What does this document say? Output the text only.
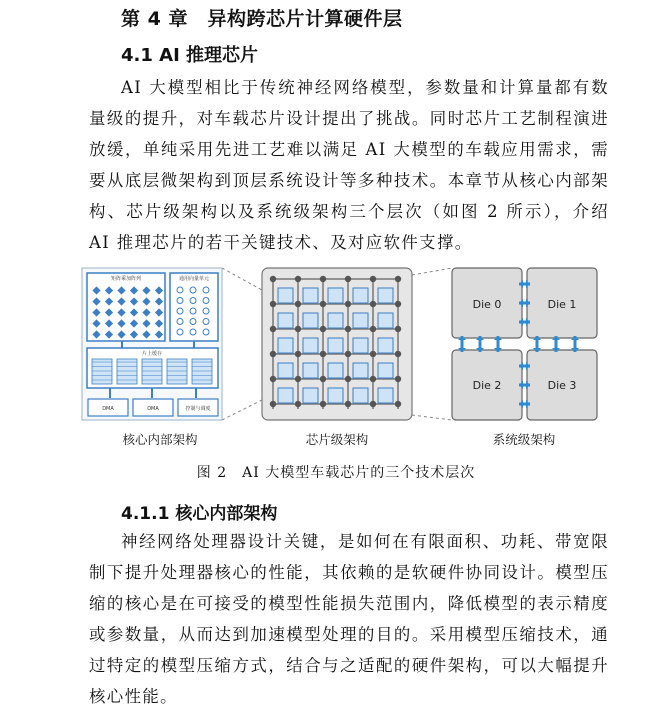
第 4 章　异构跨芯片计算硬件层
4.1 AI 推理芯片
AI 大模型相比于传统神经网络模型，参数量和计算量都有数量级的提升，对车载芯片设计提出了挑战。同时芯片工艺制程演进放缓，单纯采用先进工艺难以满足 AI 大模型的车载应用需求，需要从底层微架构到顶层系统设计等多种技术。本章节从核心内部架构、芯片级架构以及系统级架构三个层次（如图 2 所示），介绍 AI 推理芯片的若干关键技术、及对应软件支撑。
矩阵乘加阵列	通用向量单元
片上缓存
DMA	DMA	控制与调度
Die 0	Die 1
Die 2	Die 3
核心内部架构	芯片级架构	系统级架构
图 2　AI 大模型车载芯片的三个技术层次
4.1.1 核心内部架构
神经网络处理器设计关键，是如何在有限面积、功耗、带宽限制下提升处理器核心的性能，其依赖的是软硬件协同设计。模型压缩的核心是在可接受的模型性能损失范围内，降低模型的表示精度或参数量，从而达到加速模型处理的目的。采用模型压缩技术，通过特定的模型压缩方式，结合与之适配的硬件架构，可以大幅提升核心性能。
